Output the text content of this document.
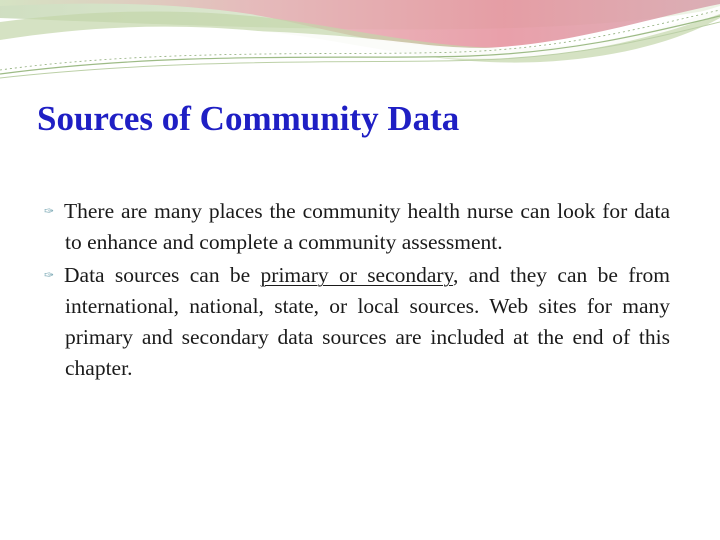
Sources of Community Data

✑ There are many places the community health nurse can look for data to enhance and complete a community assessment.

✑ Data sources can be primary or secondary, and they can be from international, national, state, or local sources. Web sites for many primary and secondary data sources are included at the end of this chapter.
